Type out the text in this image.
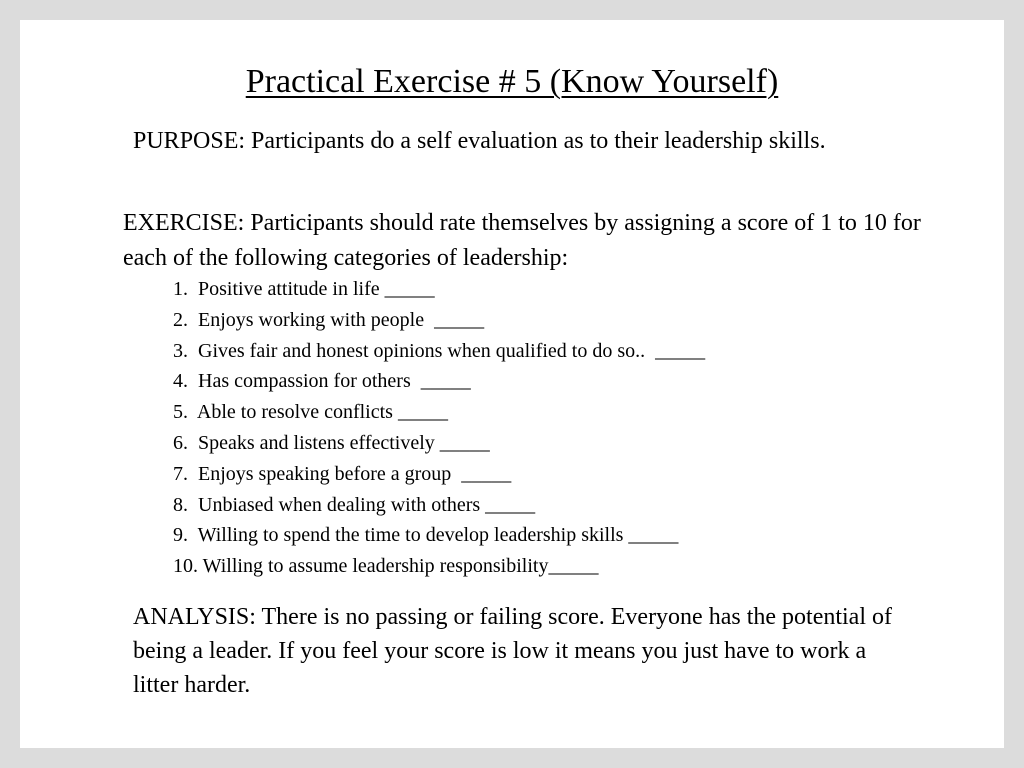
Practical Exercise # 5 (Know Yourself)

PURPOSE: Participants do a self evaluation as to their leadership skills.

EXERCISE: Participants should rate themselves by assigning a score of 1 to 10 for each of the following categories of leadership:

1.  Positive attitude in life _____
2.  Enjoys working with people  _____
3.  Gives fair and honest opinions when qualified to do so..  _____
4.  Has compassion for others  _____
5.  Able to resolve conflicts _____
6.  Speaks and listens effectively _____
7.  Enjoys speaking before a group  _____
8.  Unbiased when dealing with others _____
9.  Willing to spend the time to develop leadership skills _____
10. Willing to assume leadership responsibility_____

ANALYSIS: There is no passing or failing score. Everyone has the potential of being a leader. If you feel your score is low it means you just have to work a litter harder.
